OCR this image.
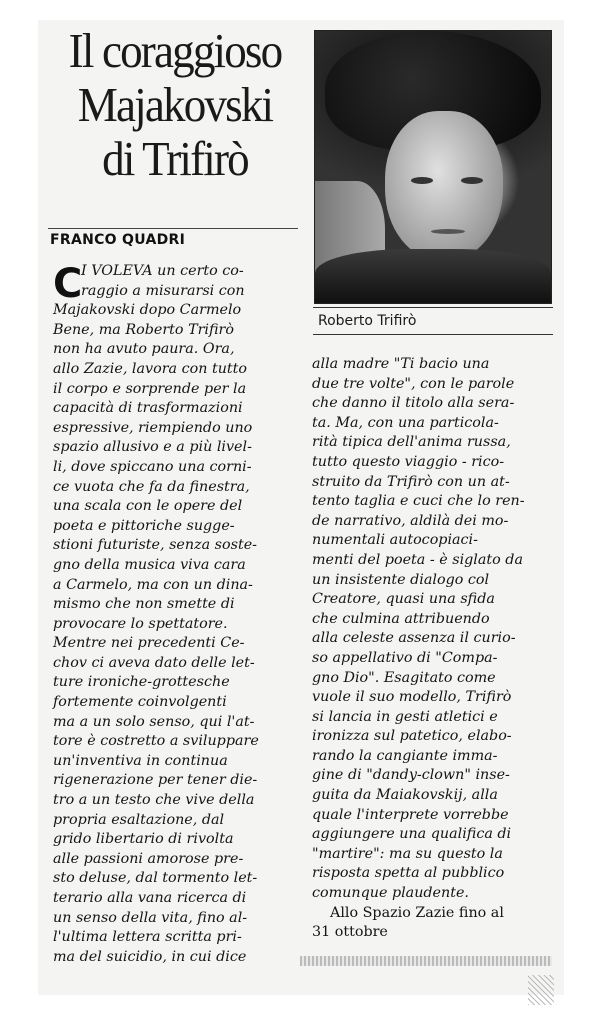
Il coraggioso
Majakovski
di Trifirò
Roberto Trifirò
FRANCO QUADRI
C
I VOLEVA un certo co-
raggio a misurarsi con
Majakovski dopo Carmelo
Bene, ma Roberto Trifirò
non ha avuto paura. Ora,
allo Zazie, lavora con tutto
il corpo e sorprende per la
capacità di trasformazioni
espressive, riempiendo uno
spazio allusivo e a più livel-
li, dove spiccano una corni-
ce vuota che fa da finestra,
una scala con le opere del
poeta e pittoriche sugge-
stioni futuriste, senza soste-
gno della musica viva cara
a Carmelo, ma con un dina-
mismo che non smette di
provocare lo spettatore.
Mentre nei precedenti Ce-
chov ci aveva dato delle let-
ture ironiche-grottesche
fortemente coinvolgenti
ma a un solo senso, qui l'at-
tore è costretto a sviluppare
un'inventiva in continua
rigenerazione per tener die-
tro a un testo che vive della
propria esaltazione, dal
grido libertario di rivolta
alle passioni amorose pre-
sto deluse, dal tormento let-
terario alla vana ricerca di
un senso della vita, fino al-
l'ultima lettera scritta pri-
ma del suicidio, in cui dice
alla madre "Ti bacio una
due tre volte", con le parole
che danno il titolo alla sera-
ta. Ma, con una particola-
rità tipica dell'anima russa,
tutto questo viaggio - rico-
struito da Trifirò con un at-
tento taglia e cuci che lo ren-
de narrativo, aldilà dei mo-
numentali autocopiaci-
menti del poeta - è siglato da
un insistente dialogo col
Creatore, quasi una sfida
che culmina attribuendo
alla celeste assenza il curio-
so appellativo di "Compa-
gno Dio". Esagitato come
vuole il suo modello, Trifirò
si lancia in gesti atletici e
ironizza sul patetico, elabo-
rando la cangiante imma-
gine di "dandy-clown" inse-
guita da Maiakovskij, alla
quale l'interprete vorrebbe
aggiungere una qualifica di
"martire": ma su questo la
risposta spetta al pubblico
comunque plaudente.
Allo Spazio Zazie fino al
31 ottobre
